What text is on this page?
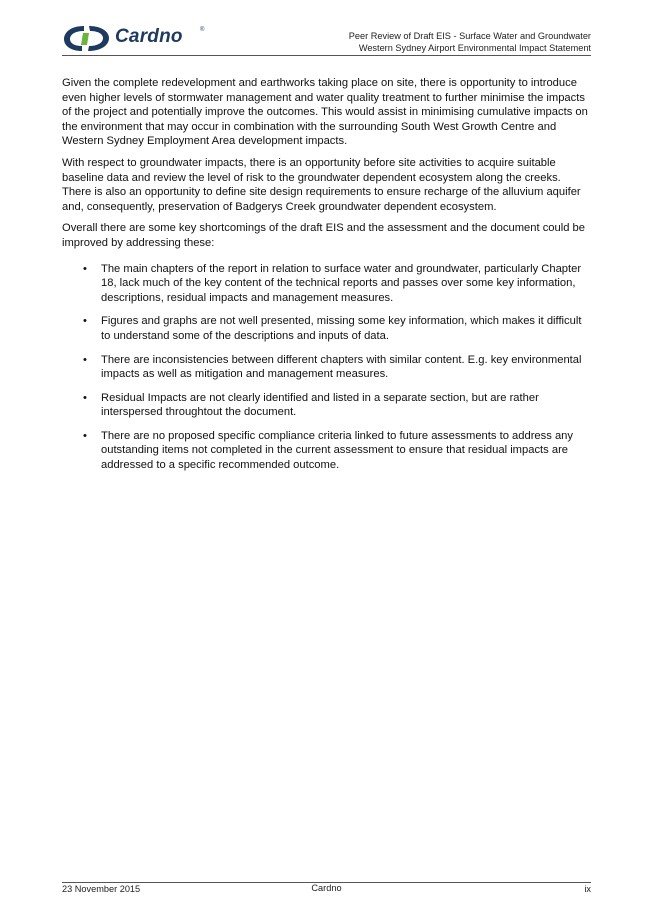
Cardno	®
Peer Review of Draft EIS - Surface Water and Groundwater
Western Sydney Airport Environmental Impact Statement

Given the complete redevelopment and earthworks taking place on site, there is opportunity to introduce even higher levels of stormwater management and water quality treatment to further minimise the impacts of the project and potentially improve the outcomes. This would assist in minimising cumulative impacts on the environment that may occur in combination with the surrounding South West Growth Centre and Western Sydney Employment Area development impacts.

With respect to groundwater impacts, there is an opportunity before site activities to acquire suitable baseline data and review the level of risk to the groundwater dependent ecosystem along the creeks. There is also an opportunity to define site design requirements to ensure recharge of the alluvium aquifer and, consequently, preservation of Badgerys Creek groundwater dependent ecosystem.

Overall there are some key shortcomings of the draft EIS and the assessment and the document could be improved by addressing these:

• The main chapters of the report in relation to surface water and groundwater, particularly Chapter 18, lack much of the key content of the technical reports and passes over some key information, descriptions, residual impacts and management measures.
• Figures and graphs are not well presented, missing some key information, which makes it difficult to understand some of the descriptions and inputs of data.
• There are inconsistencies between different chapters with similar content. E.g. key environmental impacts as well as mitigation and management measures.
• Residual Impacts are not clearly identified and listed in a separate section, but are rather interspersed throughtout the document.
• There are no proposed specific compliance criteria linked to future assessments to address any outstanding items not completed in the current assessment to ensure that residual impacts are addressed to a specific recommended outcome.
23 November 2015	Cardno	ix
